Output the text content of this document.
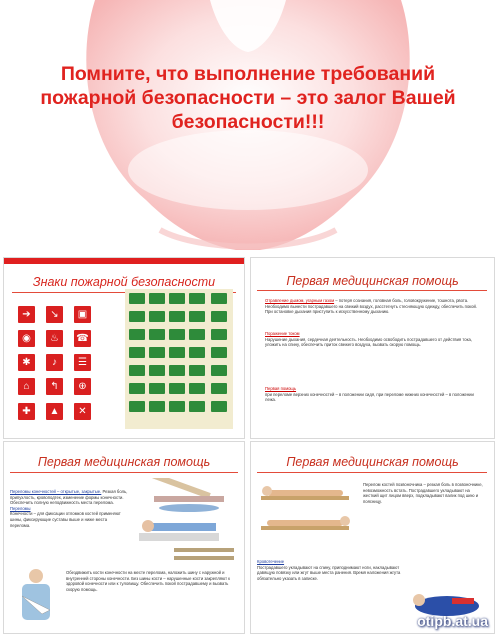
Помните, что выполнение требований пожарной безопасности – это залог Вашей безопасности!!!
Знаки пожарной безопасности
➔	↘	▣
◉	♨	☎
✱	♪	☰
⌂	↰	⊕
✚	▲	✕
Первая медицинская помощь
Отравление дымом, угарным газом – потеря сознания, головная боль, головокружение, тошнота, рвота. Необходимо вынести пострадавшего на свежий воздух, расстегнуть стесняющую одежду, обеспечить покой. При остановке дыхания приступить к искусственному дыханию.
Поражение током
Нарушение дыхания, сердечная деятельность. Необходимо освободить пострадавшего от действия тока, уложить на спину, обеспечить приток свежего воздуха, вызвать скорую помощь.
Первая помощь
при переломе верхних конечностей – в положении сидя, при переломе нижних конечностей – в положении лежа.
Первая медицинская помощь
Переломы конечностей – открытые, закрытые. Резкая боль, припухлость, кровоподтек, изменение формы конечности. Обеспечить полную неподвижность места перелома.
Переломы
Конечности – для фиксации отломков костей применяют шины, фиксирующие суставы выше и ниже места перелома.
Обездвижить кости конечности на месте перелома, наложить шину с наружной и внутренней стороны конечности. Без шины кости – нарушенные кости закрепляют к здоровой конечности или к туловищу. Обеспечить покой пострадавшему и вызвать скорую помощь.
Первая медицинская помощь
Перелом костей позвоночника – резкая боль в позвоночнике, невозможность встать. Пострадавшего укладывают на жесткий щит лицом вверх, подкладывают валик под шею и поясницу.
Кровотечение
Пострадавшего укладывают на спину, приподнимают ноги, накладывают давящую повязку или жгут выше места ранения. Время наложения жгута обязательно указать в записке.
otipb.at.ua
